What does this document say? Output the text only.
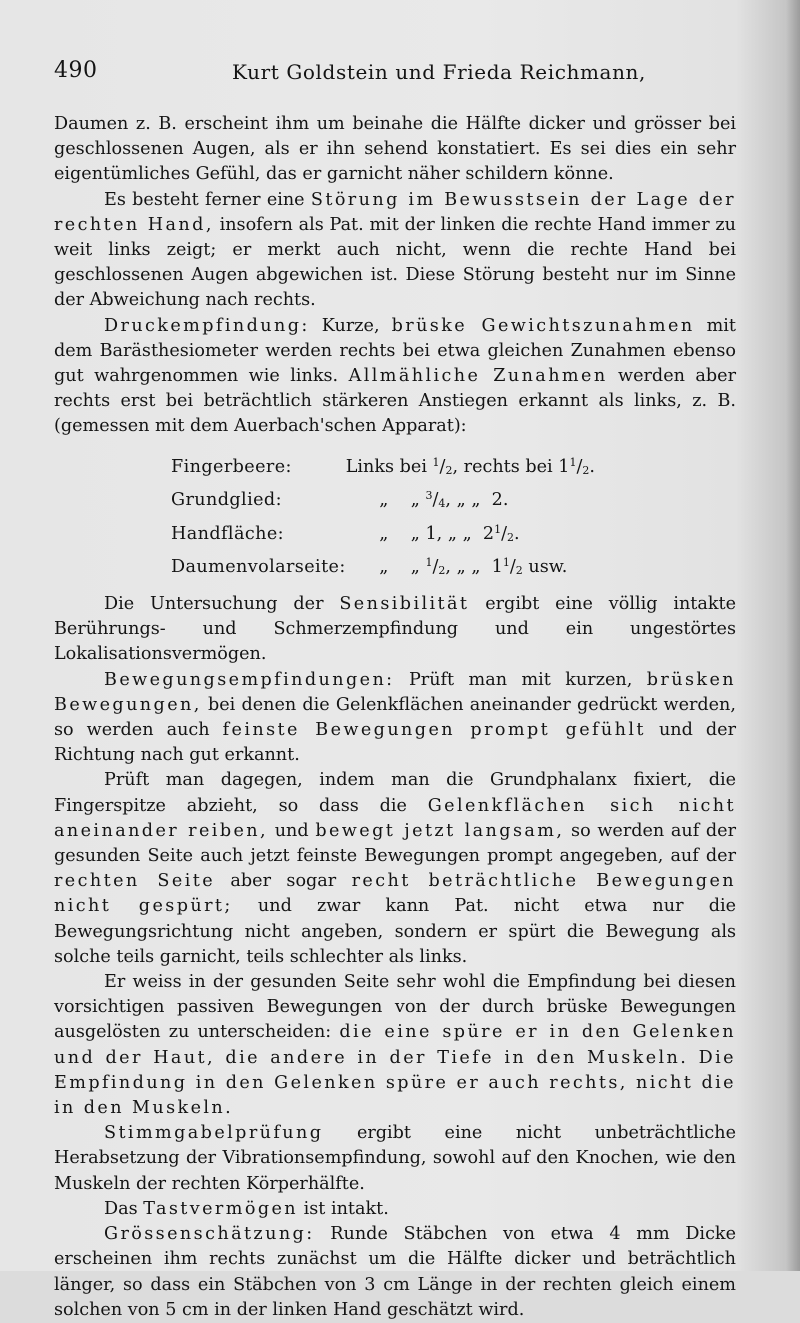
490	Kurt Goldstein und Frieda Reichmann,

Daumen z. B. erscheint ihm um beinahe die Hälfte dicker und grösser bei geschlossenen Augen, als er ihn sehend konstatiert. Es sei dies ein sehr eigentümliches Gefühl, das er garnicht näher schildern könne.

Es besteht ferner eine Störung im Bewusstsein der Lage der rechten Hand, insofern als Pat. mit der linken die rechte Hand immer zu weit links zeigt; er merkt auch nicht, wenn die rechte Hand bei geschlossenen Augen abgewichen ist. Diese Störung besteht nur im Sinne der Abweichung nach rechts.

Druckempfindung: Kurze, brüske Gewichtszunahmen mit dem Barästhesiometer werden rechts bei etwa gleichen Zunahmen ebenso gut wahrgenommen wie links. Allmähliche Zunahmen werden aber rechts erst bei beträchtlich stärkeren Anstiegen erkannt als links, z. B. (gemessen mit dem Auerbach'schen Apparat):

Fingerbeere:	Links bei $^1/_2$, rechts bei $1^1/_2$.
Grundglied:	„ „ $^3/_4$, „ „ 2.
Handfläche:	„ „ 1, „ „ $2^1/_2$.
Daumenvolarseite:	„ „ $^1/_2$, „ „ $1^1/_2$ usw.

Die Untersuchung der Sensibilität ergibt eine völlig intakte Berührungs- und Schmerzempfindung und ein ungestörtes Lokalisationsvermögen.

Bewegungsempfindungen: Prüft man mit kurzen, brüsken Bewegungen, bei denen die Gelenkflächen aneinander gedrückt werden, so werden auch feinste Bewegungen prompt gefühlt und der Richtung nach gut erkannt.

Prüft man dagegen, indem man die Grundphalanx fixiert, die Fingerspitze abzieht, so dass die Gelenkflächen sich nicht aneinander reiben, und bewegt jetzt langsam, so werden auf der gesunden Seite auch jetzt feinste Bewegungen prompt angegeben, auf der rechten Seite aber sogar recht beträchtliche Bewegungen nicht gespürt; und zwar kann Pat. nicht etwa nur die Bewegungsrichtung nicht angeben, sondern er spürt die Bewegung als solche teils garnicht, teils schlechter als links.

Er weiss in der gesunden Seite sehr wohl die Empfindung bei diesen vorsichtigen passiven Bewegungen von der durch brüske Bewegungen ausgelösten zu unterscheiden: die eine spüre er in den Gelenken und der Haut, die andere in der Tiefe in den Muskeln. Die Empfindung in den Gelenken spüre er auch rechts, nicht die in den Muskeln.

Stimmgabelprüfung ergibt eine nicht unbeträchtliche Herabsetzung der Vibrationsempfindung, sowohl auf den Knochen, wie den Muskeln der rechten Körperhälfte.

Das Tastvermögen ist intakt.

Grössenschätzung: Runde Stäbchen von etwa 4 mm Dicke erscheinen ihm rechts zunächst um die Hälfte dicker und beträchtlich länger, so dass ein Stäbchen von 3 cm Länge in der rechten gleich einem solchen von 5 cm in der linken Hand geschätzt wird.
